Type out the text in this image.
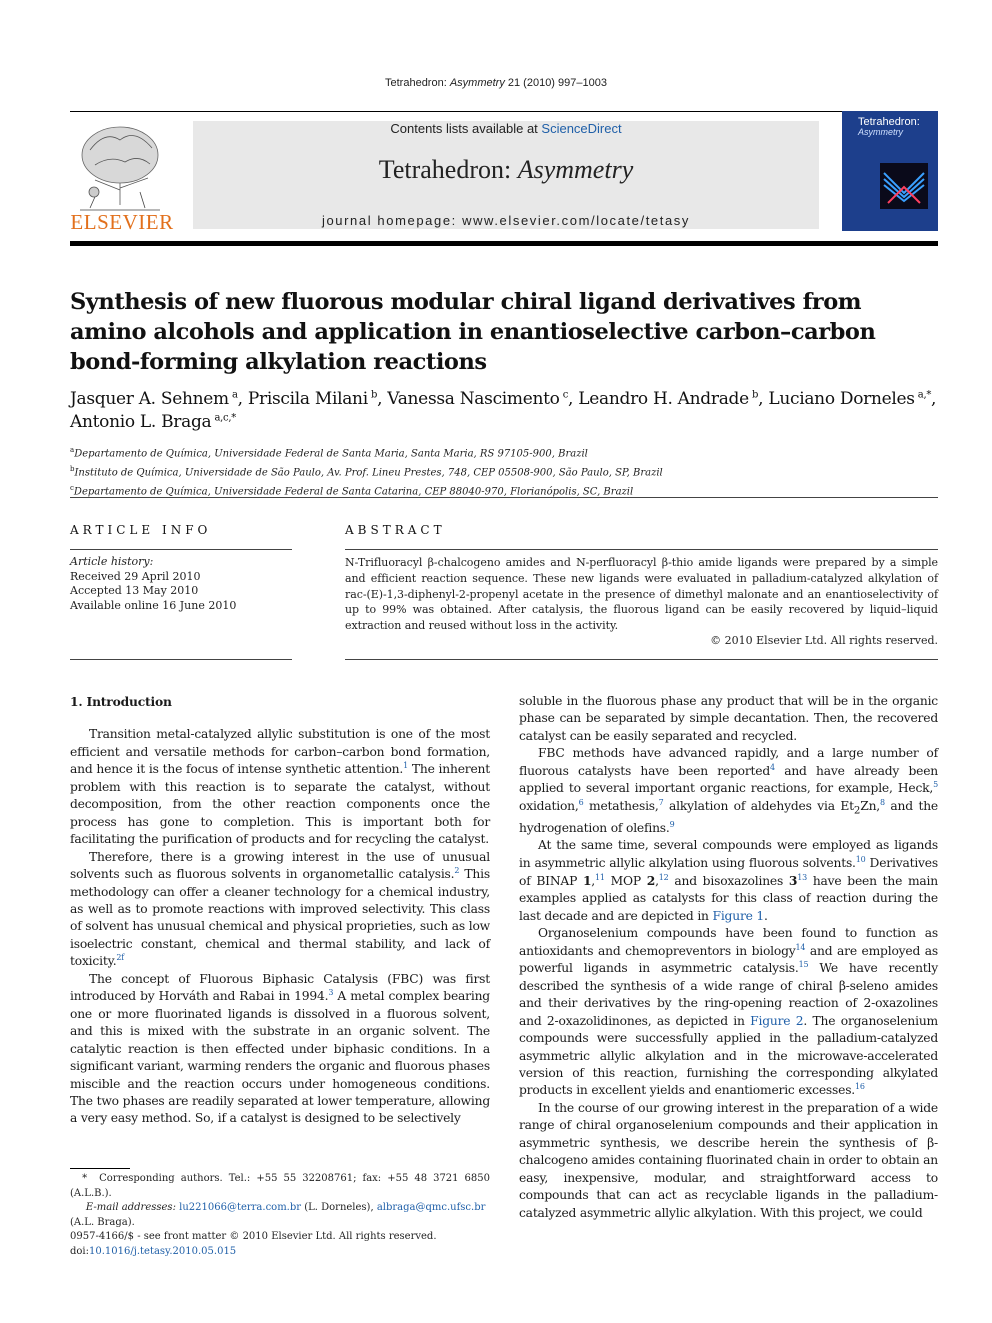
Tetrahedron: Asymmetry 21 (2010) 997–1003
ELSEVIER
Contents lists available at ScienceDirect
Tetrahedron: Asymmetry
journal homepage: www.elsevier.com/locate/tetasy
Tetrahedron:
Asymmetry
Synthesis of new fluorous modular chiral ligand derivatives from amino alcohols and application in enantioselective carbon–carbon bond-forming alkylation reactions
Jasquer A. Sehnem  $^a$, Priscila Milani  $^b$, Vanessa Nascimento  $^c$, Leandro H. Andrade  $^b$, Luciano Dorneles  $^{a,*}$,
Antonio L. Braga  $^{a,c,*}$
$^a$Departamento de Química, Universidade Federal de Santa Maria, Santa Maria, RS 97105-900, Brazil
$^b$Instituto de Química, Universidade de São Paulo, Av. Prof. Lineu Prestes, 748, CEP 05508-900, São Paulo, SP, Brazil
$^c$Departamento de Química, Universidade Federal de Santa Catarina, CEP 88040-970, Florianópolis, SC, Brazil
ARTICLE INFO
Article history:
Received 29 April 2010
Accepted 13 May 2010
Available online 16 June 2010
ABSTRACT
N-Trifluoracyl β-chalcogeno amides and N-perfluoracyl β-thio amide ligands were prepared by a simple and efficient reaction sequence. These new ligands were evaluated in palladium-catalyzed alkylation of rac-(E)-1,3-diphenyl-2-propenyl acetate in the presence of dimethyl malonate and an enantioselectivity of up to 99% was obtained. After catalysis, the fluorous ligand can be easily recovered by liquid–liquid extraction and reused without loss in the activity.
© 2010 Elsevier Ltd. All rights reserved.
1. Introduction

Transition metal-catalyzed allylic substitution is one of the most efficient and versatile methods for carbon–carbon bond formation, and hence it is the focus of intense synthetic attention.$^1$ The inherent problem with this reaction is to separate the catalyst, without decomposition, from the other reaction components once the process has gone to completion. This is important both for facilitating the purification of products and for recycling the catalyst.

Therefore, there is a growing interest in the use of unusual solvents such as fluorous solvents in organometallic catalysis.$^2$ This methodology can offer a cleaner technology for a chemical industry, as well as to promote reactions with improved selectivity. This class of solvent has unusual chemical and physical proprieties, such as low isoelectric constant, chemical and thermal stability, and lack of toxicity.$^{2f}$

The concept of Fluorous Biphasic Catalysis (FBC) was first introduced by Horváth and Rabai in 1994.$^3$ A metal complex bearing one or more fluorinated ligands is dissolved in a fluorous solvent, and this is mixed with the substrate in an organic solvent. The catalytic reaction is then effected under biphasic conditions. In a significant variant, warming renders the organic and fluorous phases miscible and the reaction occurs under homogeneous conditions. The two phases are readily separated at lower temperature, allowing a very easy method. So, if a catalyst is designed to be selectively

soluble in the fluorous phase any product that will be in the organic phase can be separated by simple decantation. Then, the recovered catalyst can be easily separated and recycled.

FBC methods have advanced rapidly, and a large number of fluorous catalysts have been reported$^4$ and have already been applied to several important organic reactions, for example, Heck,$^5$ oxidation,$^6$ metathesis,$^7$ alkylation of aldehydes via $Et_2Zn,^8$ and the hydrogenation of olefins.$^9$

At the same time, several compounds were employed as ligands in asymmetric allylic alkylation using fluorous solvents.$^{10}$ Derivatives of BINAP 1,11 MOP 2,12 and bisoxazolines $3^{13}$ have been the main examples applied as catalysts for this class of reaction during the last decade and are depicted in Figure 1.

Organoselenium compounds have been found to function as antioxidants and chemopreventors in biology$^{14}$ and are employed as powerful ligands in asymmetric catalysis.$^{15}$ We have recently described the synthesis of a wide range of chiral β-seleno amides and their derivatives by the ring-opening reaction of 2-oxazolines and 2-oxazolidinones, as depicted in Figure 2. The organoselenium compounds were successfully applied in the palladium-catalyzed asymmetric allylic alkylation and in the microwave-accelerated version of this reaction, furnishing the corresponding alkylated products in excellent yields and enantiomeric excesses.$^{16}$

In the course of our growing interest in the preparation of a wide range of chiral organoselenium compounds and their application in asymmetric synthesis, we describe herein the synthesis of β-chalcogeno amides containing fluorinated chain in order to obtain an easy, inexpensive, modular, and straightforward access to compounds that can act as recyclable ligands in the palladium-catalyzed asymmetric allylic alkylation. With this project, we could

* Corresponding authors. Tel.: +55 55 32208761; fax: +55 48 3721 6850 (A.L.B.).
E-mail addresses: lu221066@terra.com.br (L. Dorneles), albraga@qmc.ufsc.br
(A.L. Braga).
0957-4166/$ - see front matter © 2010 Elsevier Ltd. All rights reserved.
doi:10.1016/j.tetasy.2010.05.015
